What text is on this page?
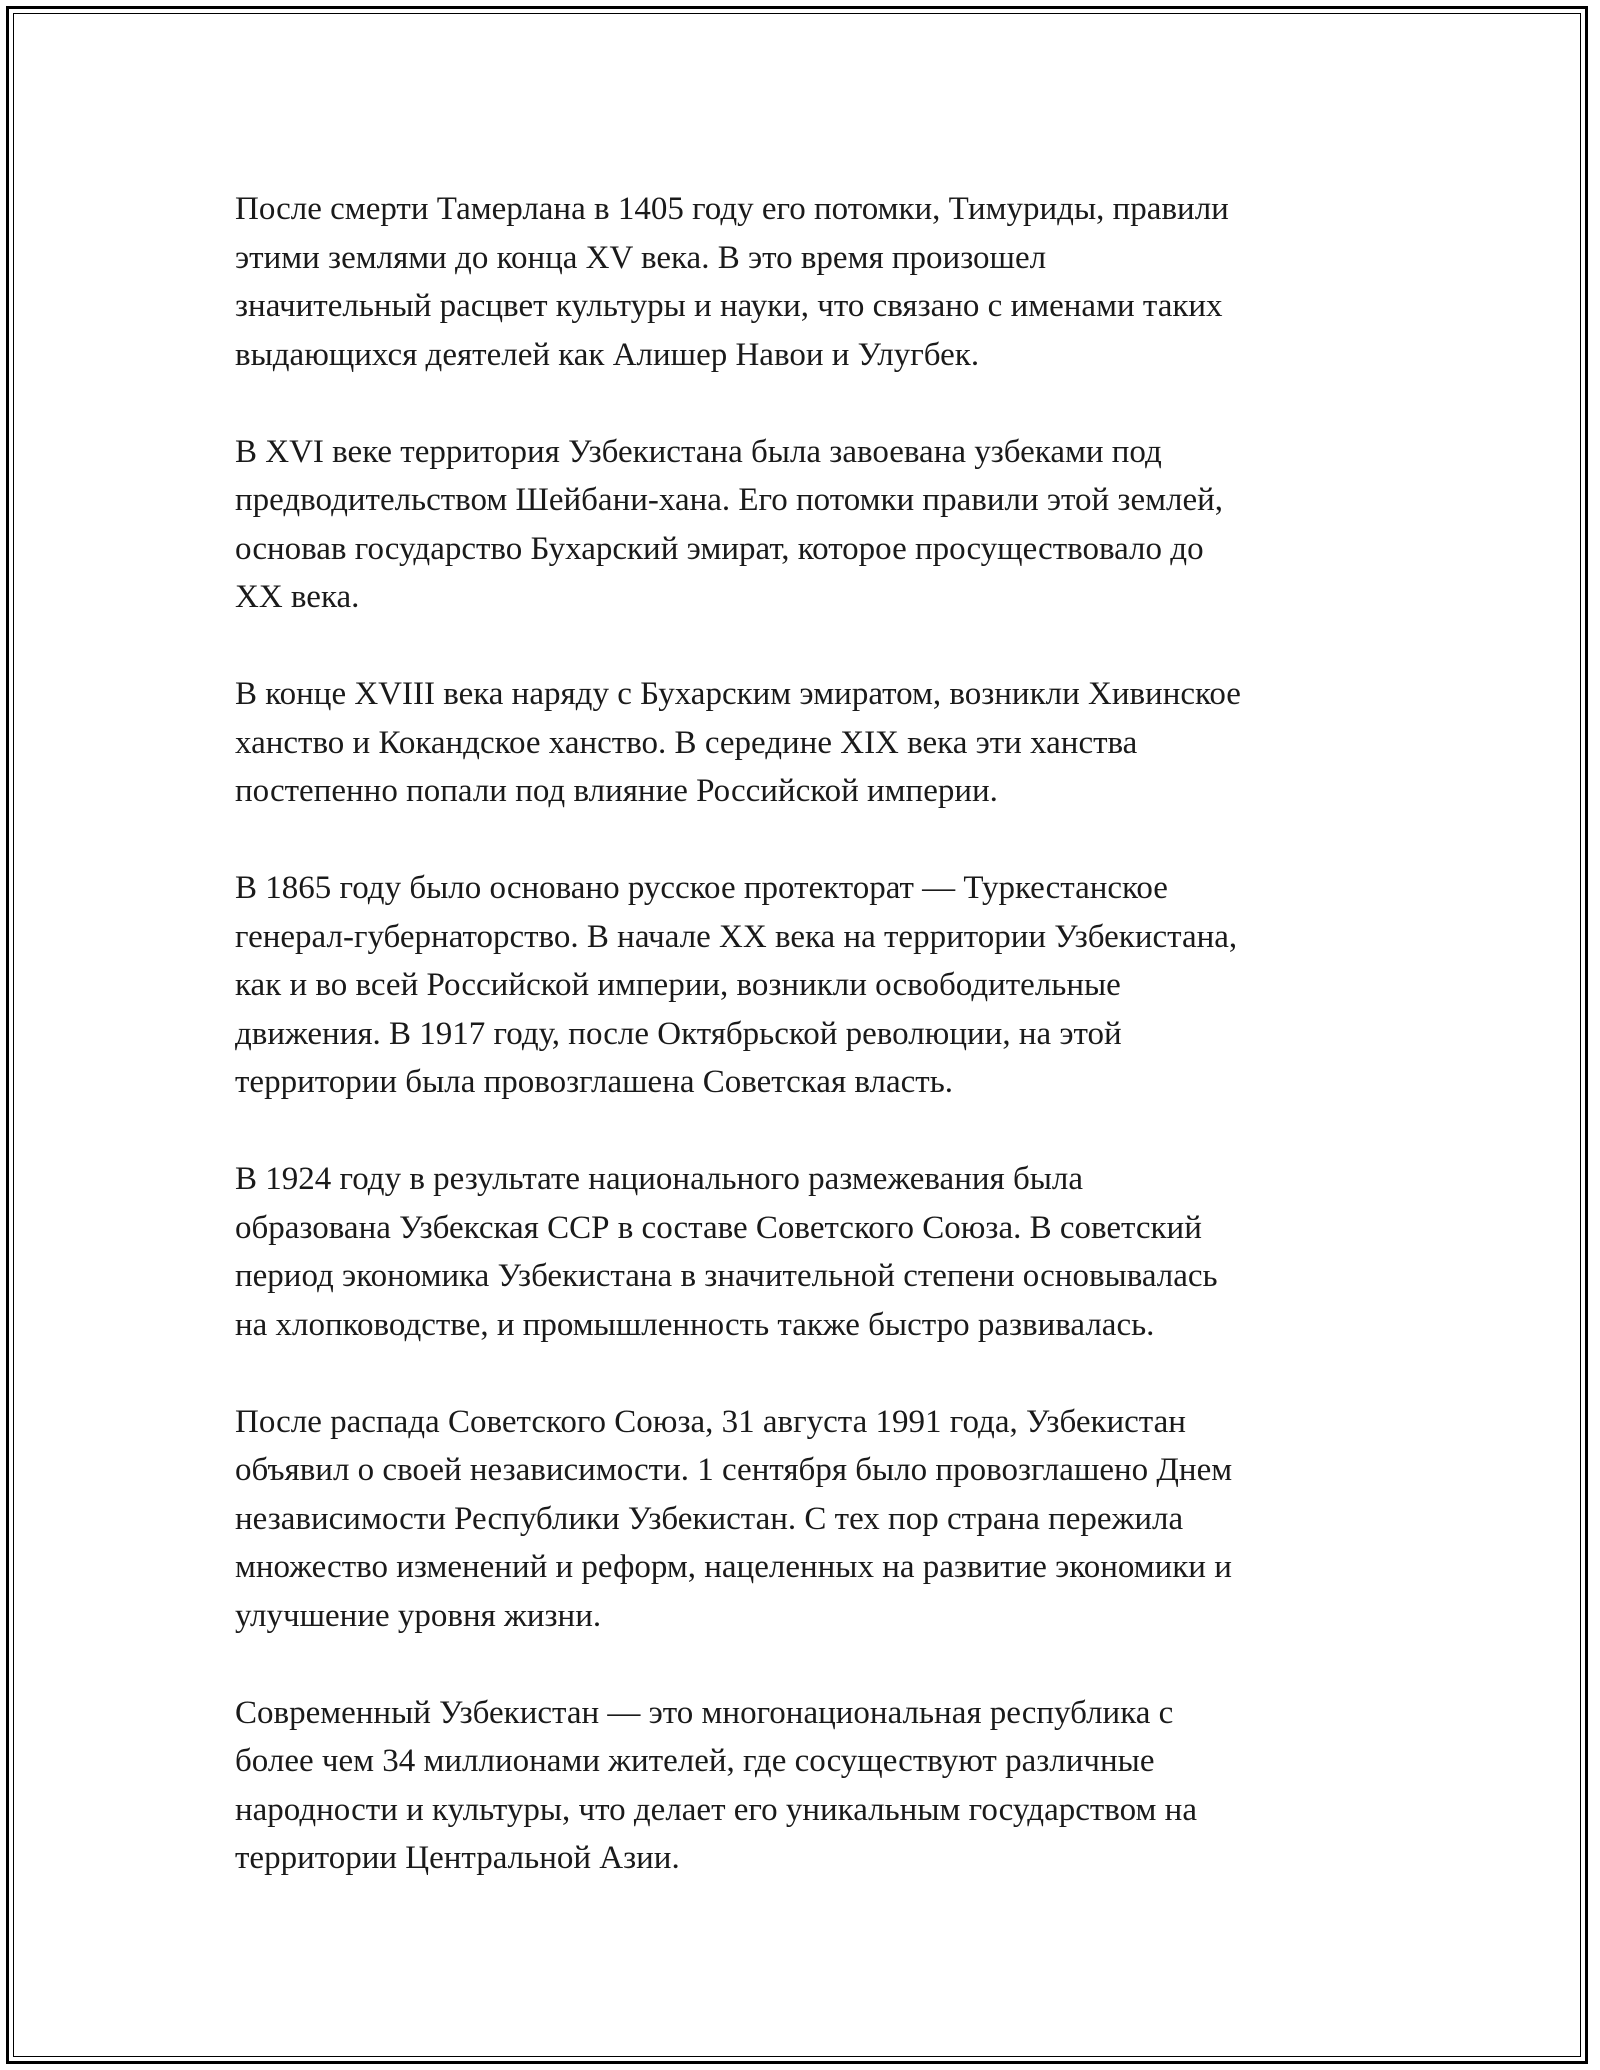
После смерти Тамерлана в 1405 году его потомки, Тимуриды, правили
этими землями до конца XV века. В это время произошел
значительный расцвет культуры и науки, что связано с именами таких
выдающихся деятелей как Алишер Навои и Улугбек.

В XVI веке территория Узбекистана была завоевана узбеками под
предводительством Шейбани-хана. Его потомки правили этой землей,
основав государство Бухарский эмират, которое просуществовало до
XX века.

В конце XVIII века наряду с Бухарским эмиратом, возникли Хивинское
ханство и Кокандское ханство. В середине XIX века эти ханства
постепенно попали под влияние Российской империи.

В 1865 году было основано русское протекторат — Туркестанское
генерал-губернаторство. В начале XX века на территории Узбекистана,
как и во всей Российской империи, возникли освободительные
движения. В 1917 году, после Октябрьской революции, на этой
территории была провозглашена Советская власть.

В 1924 году в результате национального размежевания была
образована Узбекская ССР в составе Советского Союза. В советский
период экономика Узбекистана в значительной степени основывалась
на хлопководстве, и промышленность также быстро развивалась.

После распада Советского Союза, 31 августа 1991 года, Узбекистан
объявил о своей независимости. 1 сентября было провозглашено Днем
независимости Республики Узбекистан. С тех пор страна пережила
множество изменений и реформ, нацеленных на развитие экономики и
улучшение уровня жизни.

Современный Узбекистан — это многонациональная республика с
более чем 34 миллионами жителей, где сосуществуют различные
народности и культуры, что делает его уникальным государством на
территории Центральной Азии.
